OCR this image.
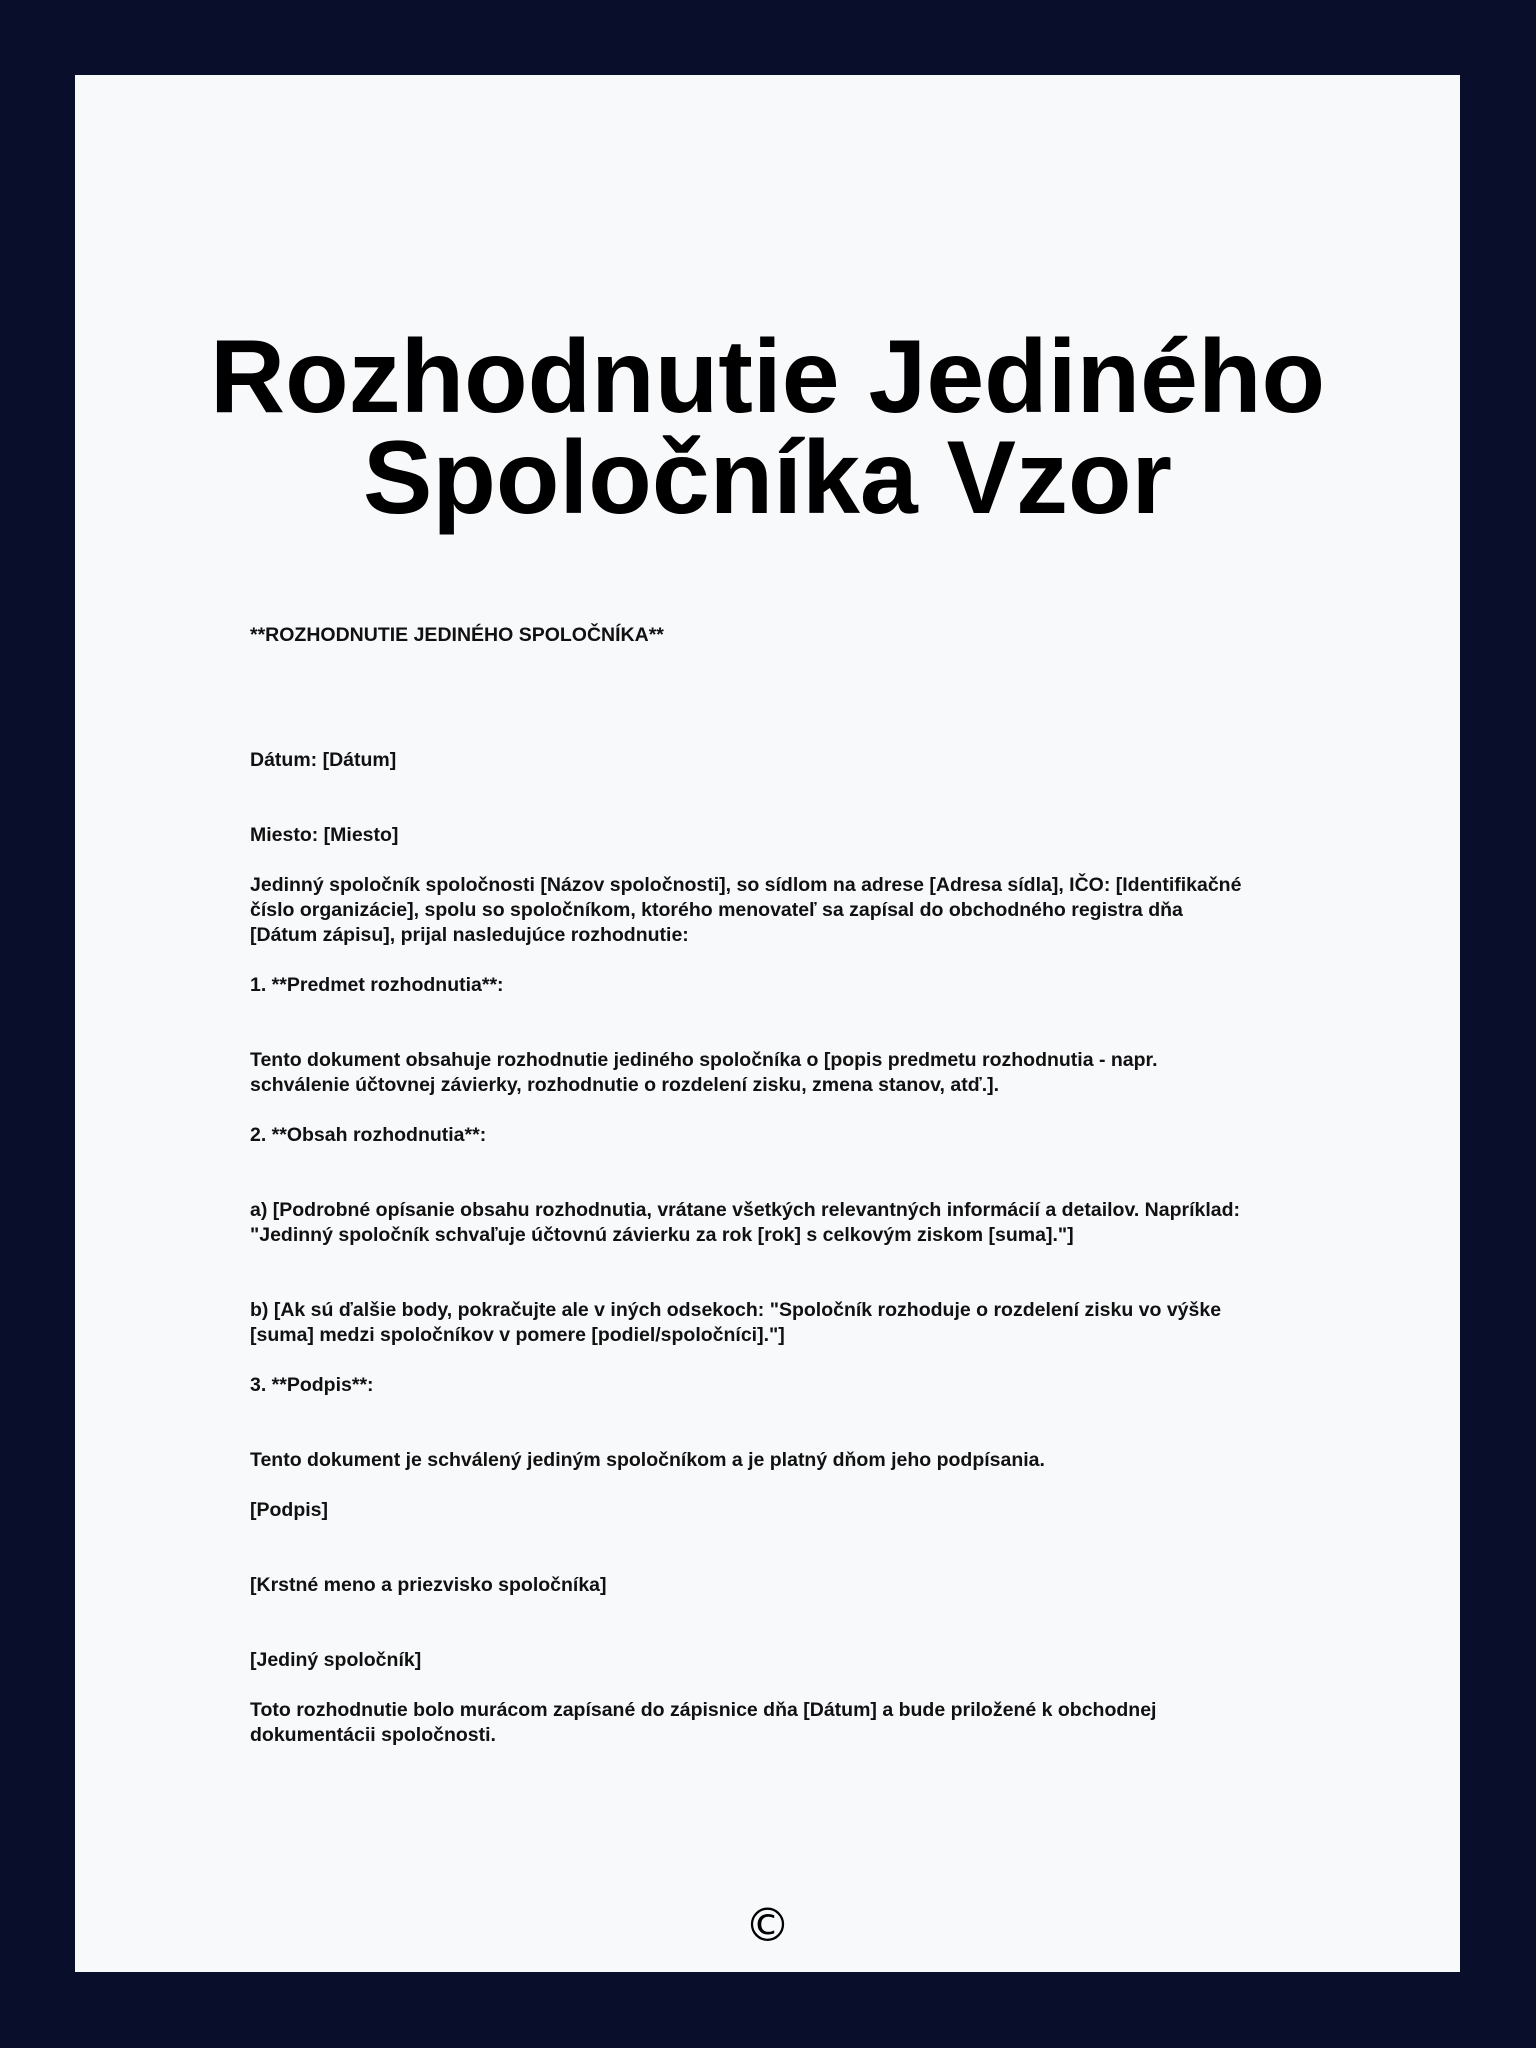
Rozhodnutie Jediného
Spoločníka Vzor

**ROZHODNUTIE JEDINÉHO SPOLOČNÍKA**

Dátum: [Dátum]

Miesto: [Miesto]

Jedinný spoločník spoločnosti [Názov spoločnosti], so sídlom na adrese [Adresa sídla], IČO: [Identifikačné
číslo organizácie], spolu so spoločníkom, ktorého menovateľ sa zapísal do obchodného registra dňa
[Dátum zápisu], prijal nasledujúce rozhodnutie:

1. **Predmet rozhodnutia**:

Tento dokument obsahuje rozhodnutie jediného spoločníka o [popis predmetu rozhodnutia - napr.
schválenie účtovnej závierky, rozhodnutie o rozdelení zisku, zmena stanov, atď.].

2. **Obsah rozhodnutia**:

a) [Podrobné opísanie obsahu rozhodnutia, vrátane všetkých relevantných informácií a detailov. Napríklad:
"Jedinný spoločník schvaľuje účtovnú závierku za rok [rok] s celkovým ziskom [suma]."]

b) [Ak sú ďalšie body, pokračujte ale v iných odsekoch: "Spoločník rozhoduje o rozdelení zisku vo výške
[suma] medzi spoločníkov v pomere [podiel/spoločníci]."]

3. **Podpis**:

Tento dokument je schválený jediným spoločníkom a je platný dňom jeho podpísania.

[Podpis]

[Krstné meno a priezvisko spoločníka]

[Jediný spoločník]

Toto rozhodnutie bolo murácom zapísané do zápisnice dňa [Dátum] a bude priložené k obchodnej
dokumentácii spoločnosti.

©
